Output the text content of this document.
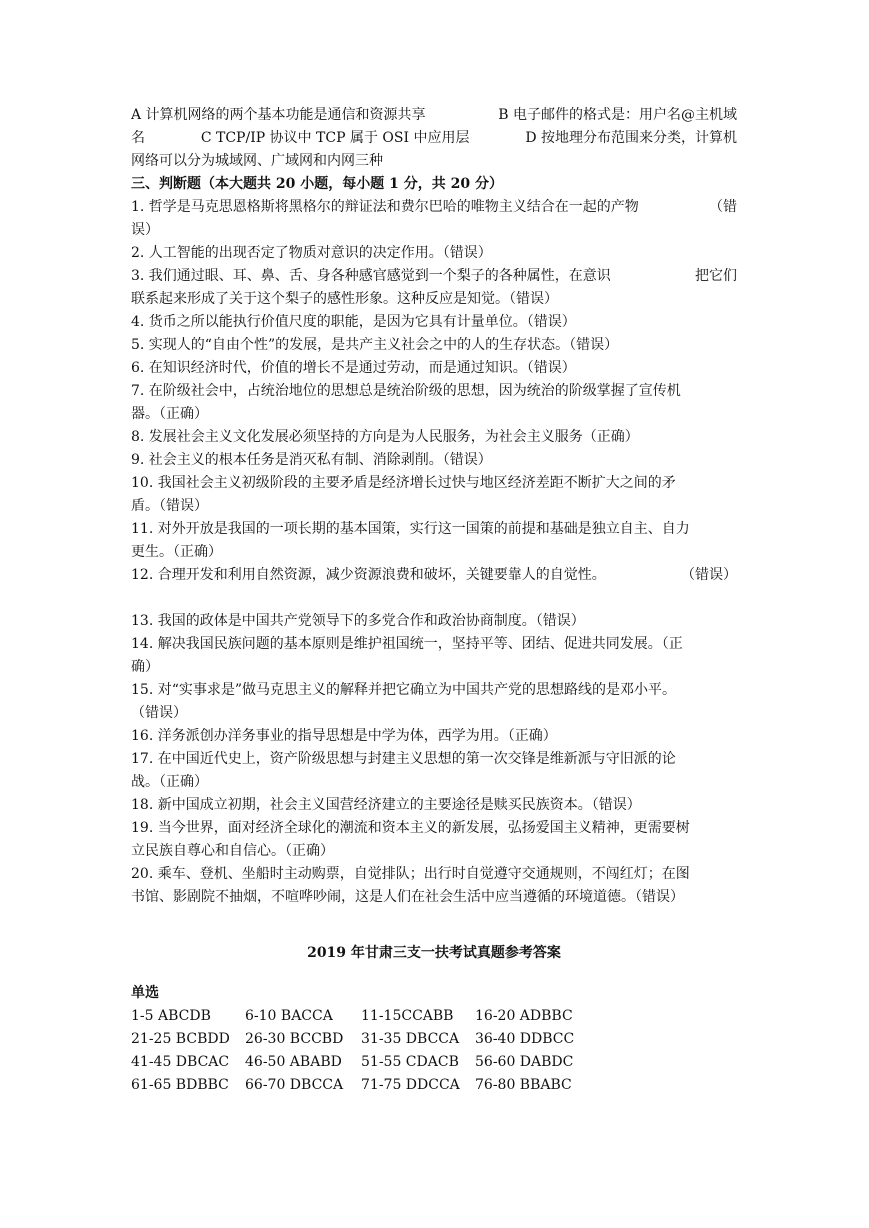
A 计算机网络的两个基本功能是通信和资源共享	B 电子邮件的格式是：用户名@主机域
名	C TCP/IP 协议中 TCP 属于 OSI 中应用层	D 按地理分布范围来分类，计算机
网络可以分为城域网、广域网和内网三种
三、判断题（本大题共 20 小题，每小题 1 分，共 20 分）
1. 哲学是马克思恩格斯将黑格尔的辩证法和费尔巴哈的唯物主义结合在一起的产物	（错
误）
2. 人工智能的出现否定了物质对意识的决定作用。（错误）
3. 我们通过眼、耳、鼻、舌、身各种感官感觉到一个梨子的各种属性，在意识	把它们
联系起来形成了关于这个梨子的感性形象。这种反应是知觉。（错误）
4. 货币之所以能执行价值尺度的职能，是因为它具有计量单位。（错误）
5. 实现人的“自由个性”的发展，是共产主义社会之中的人的生存状态。（错误）
6. 在知识经济时代，价值的增长不是通过劳动，而是通过知识。（错误）
7. 在阶级社会中，占统治地位的思想总是统治阶级的思想，因为统治的阶级掌握了宣传机
器。（正确）
8. 发展社会主义文化发展必须坚持的方向是为人民服务，为社会主义服务（正确）
9. 社会主义的根本任务是消灭私有制、消除剥削。（错误）
10. 我国社会主义初级阶段的主要矛盾是经济增长过快与地区经济差距不断扩大之间的矛
盾。（错误）
11. 对外开放是我国的一项长期的基本国策，实行这一国策的前提和基础是独立自主、自力
更生。（正确）
12. 合理开发和利用自然资源，减少资源浪费和破坏，关键要靠人的自觉性。	（错误）
13. 我国的政体是中国共产党领导下的多党合作和政治协商制度。（错误）
14. 解决我国民族问题的基本原则是维护祖国统一，坚持平等、团结、促进共同发展。（正
确）
15. 对“实事求是”做马克思主义的解释并把它确立为中国共产党的思想路线的是邓小平。
（错误）
16. 洋务派创办洋务事业的指导思想是中学为体，西学为用。（正确）
17. 在中国近代史上，资产阶级思想与封建主义思想的第一次交锋是维新派与守旧派的论
战。（正确）
18. 新中国成立初期，社会主义国营经济建立的主要途径是赎买民族资本。（错误）
19. 当今世界，面对经济全球化的潮流和资本主义的新发展，弘扬爱国主义精神，更需要树
立民族自尊心和自信心。（正确）
20. 乘车、登机、坐船时主动购票，自觉排队；出行时自觉遵守交通规则，不闯红灯；在图
书馆、影剧院不抽烟，不喧哗吵闹，这是人们在社会生活中应当遵循的环境道德。（错误）
2019 年甘肃三支一扶考试真题参考答案
单选
1-5 ABCDB	6-10 BACCA	11-15CCABB	16-20 ADBBC
21-25 BCBDD	26-30 BCCBD	31-35 DBCCA	36-40 DDBCC
41-45 DBCAC	46-50 ABABD	51-55 CDACB	56-60 DABDC
61-65 BDBBC	66-70 DBCCA	71-75 DDCCA	76-80 BBABC
